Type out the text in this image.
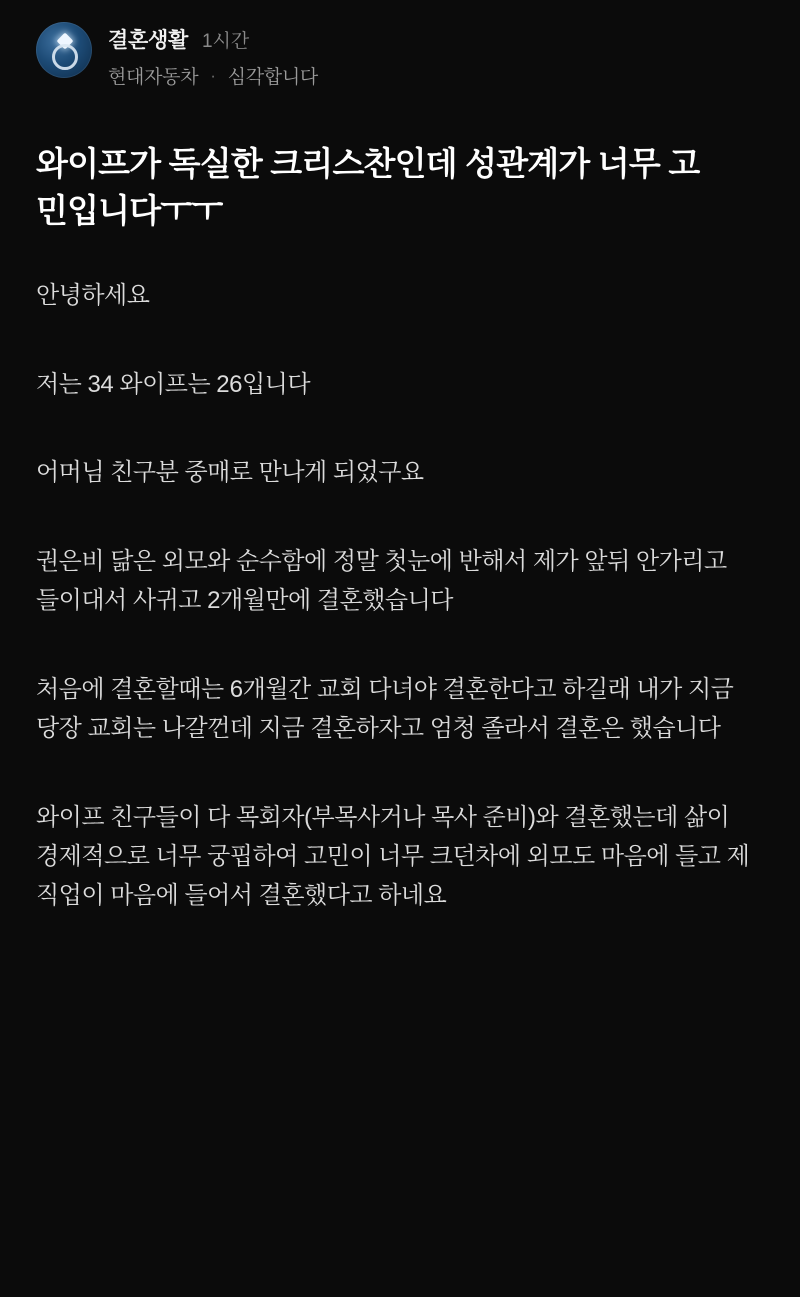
결혼생활 1시간
현대자동차 · 심각합니다
와이프가 독실한 크리스찬인데 성관계가 너무 고민입니다ㅜㅜ

안녕하세요

저는 34 와이프는 26입니다

어머님 친구분 중매로 만나게 되었구요

권은비 닮은 외모와 순수함에 정말 첫눈에 반해서 제가 앞뒤 안가리고 들이대서 사귀고 2개월만에 결혼했습니다

처음에 결혼할때는 6개월간 교회 다녀야 결혼한다고 하길래 내가 지금 당장 교회는 나갈껀데 지금 결혼하자고 엄청 졸라서 결혼은 했습니다

와이프 친구들이 다 목회자(부목사거나 목사 준비)와 결혼했는데 삶이 경제적으로 너무 궁핍하여 고민이 너무 크던차에 외모도 마음에 들고 제 직업이 마음에 들어서 결혼했다고 하네요
